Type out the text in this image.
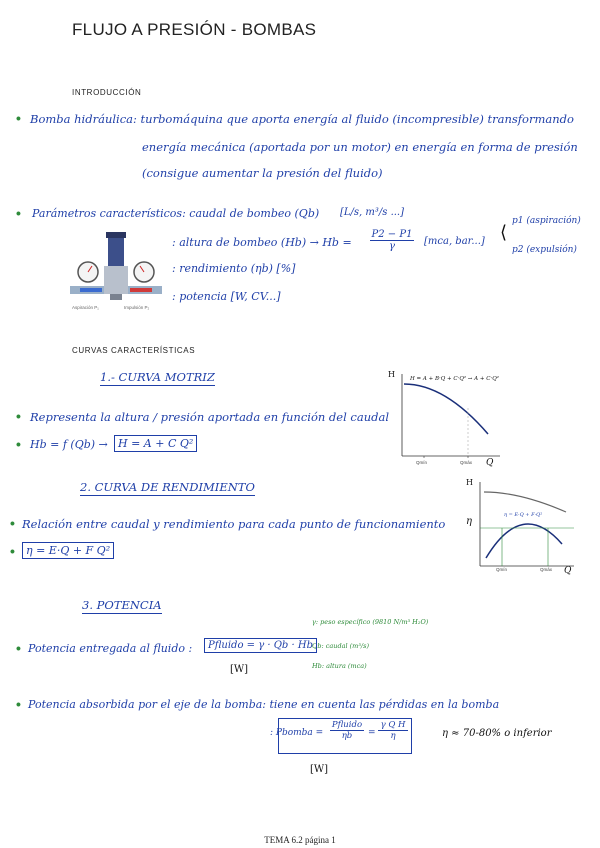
FLUJO A PRESIÓN - BOMBAS
INTRODUCCIÓN
• Bomba hidráulica: turbomáquina que aporta energía al fluido (incompresible) transformando
energía mecánica (aportada por un motor) en energía en forma de presión
(consigue aumentar la presión del fluido)
• Parámetros característicos: caudal de bombeo (Qb) [L/s, m³/s ...]
: altura de bombeo $(Hb) \to Hb = \frac{P2 - P1}{\gamma} [mca$, bar...] ⟨
p1 (aspiración)
p2 (expulsión)
: rendimiento (ηb) [%]
: potencia [W, CV...]
Aspiración P₁	Impulsión P₂
CURVAS CARACTERÍSTICAS
1.- CURVA MOTRIZ
• Representa la altura / presión aportada en función del caudal
• Hb = f (Qb) → H = A + C Q²
H
Q
H = A + B·Q + C·Q² → A + C·Q²
Qmín	Qmáx
2. CURVA DE RENDIMIENTO
• Relación entre caudal y rendimiento para cada punto de funcionamiento
•	η = E·Q + F Q²
H
η
Q
η = E·Q + F·Q²
Qmín	Qmáx
3. POTENCIA
γ: peso específico (9810 N/m³ H₂O)
Qb: caudal (m³/s)
Hb: altura (mca)
• Potencia entregada al fluido :	Pfluido = γ · Qb · Hb
[W]
• Potencia absorbida por el eje de la bomba: tiene en cuenta las pérdidas en la bomba
: Pbomba =
Pfluido
ηb	= $\frac{\text{γ Q H}}{\eta}$	η ≈ 70-80% o inferior
[W]
TEMA 6.2 página 1
